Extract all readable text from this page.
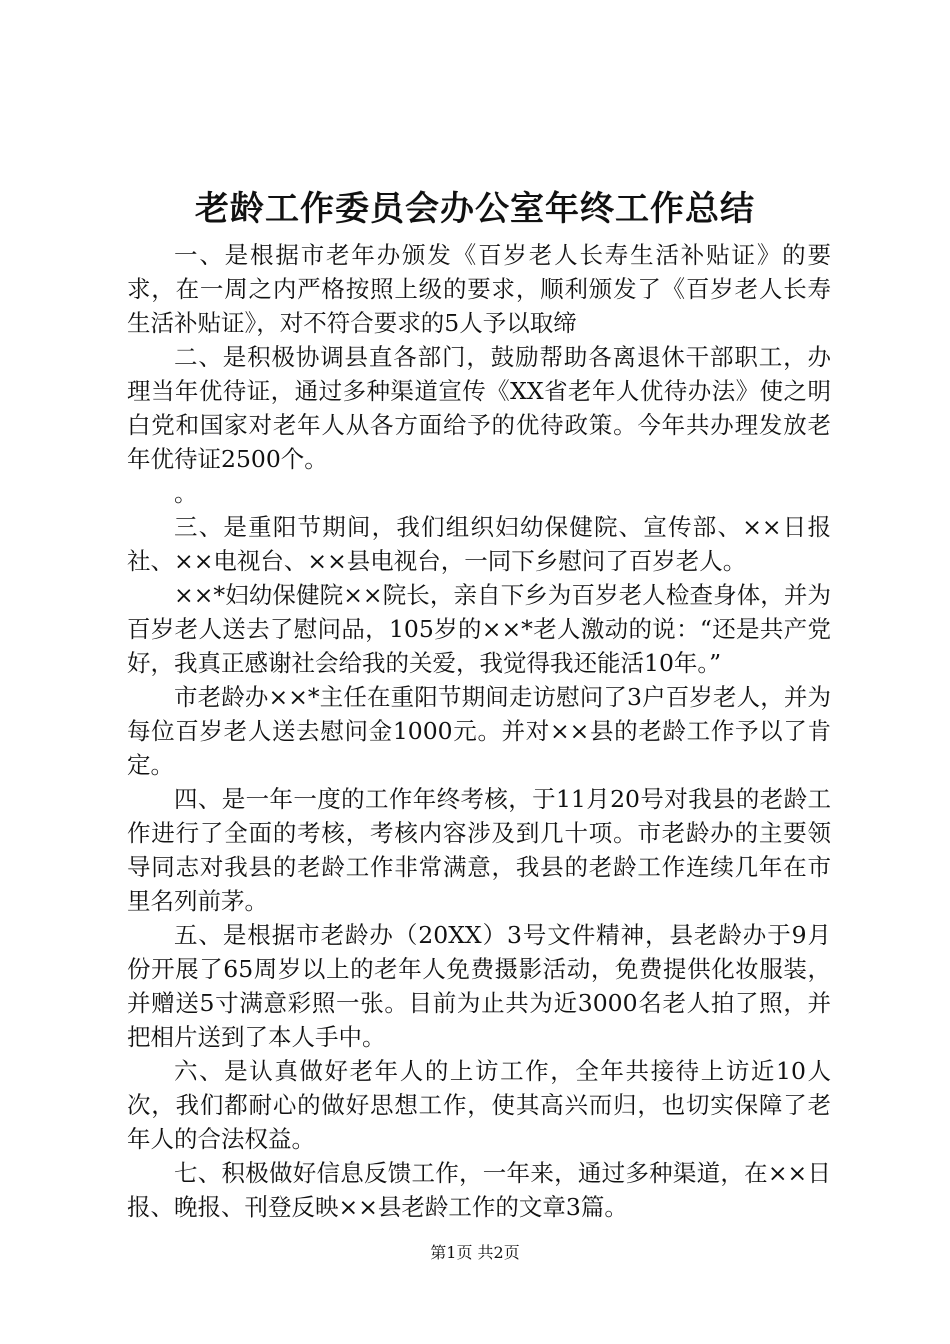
老龄工作委员会办公室年终工作总结

一、是根据市老年办颁发《百岁老人长寿生活补贴证》的要求，在一周之内严格按照上级的要求，顺利颁发了《百岁老人长寿生活补贴证》，对不符合要求的5人予以取缔

二、是积极协调县直各部门，鼓励帮助各离退休干部职工，办理当年优待证，通过多种渠道宣传《XX省老年人优待办法》使之明白党和国家对老年人从各方面给予的优待政策。今年共办理发放老年优待证2500个。

。

三、是重阳节期间，我们组织妇幼保健院、宣传部、××日报社、××电视台、××县电视台，一同下乡慰问了百岁老人。

××*妇幼保健院××院长，亲自下乡为百岁老人检查身体，并为百岁老人送去了慰问品，105岁的××*老人激动的说：“还是共产党好，我真正感谢社会给我的关爱，我觉得我还能活10年。”

市老龄办××*主任在重阳节期间走访慰问了3户百岁老人，并为每位百岁老人送去慰问金1000元。并对××县的老龄工作予以了肯定。

四、是一年一度的工作年终考核，于11月20号对我县的老龄工作进行了全面的考核，考核内容涉及到几十项。市老龄办的主要领导同志对我县的老龄工作非常满意，我县的老龄工作连续几年在市里名列前茅。

五、是根据市老龄办（20XX）3号文件精神，县老龄办于9月份开展了65周岁以上的老年人免费摄影活动，免费提供化妆服装，并赠送5寸满意彩照一张。目前为止共为近3000名老人拍了照，并把相片送到了本人手中。

六、是认真做好老年人的上访工作，全年共接待上访近10人次，我们都耐心的做好思想工作，使其高兴而归，也切实保障了老年人的合法权益。

七、积极做好信息反馈工作，一年来，通过多种渠道，在××日报、晚报、刊登反映××县老龄工作的文章3篇。

第1页 共2页
